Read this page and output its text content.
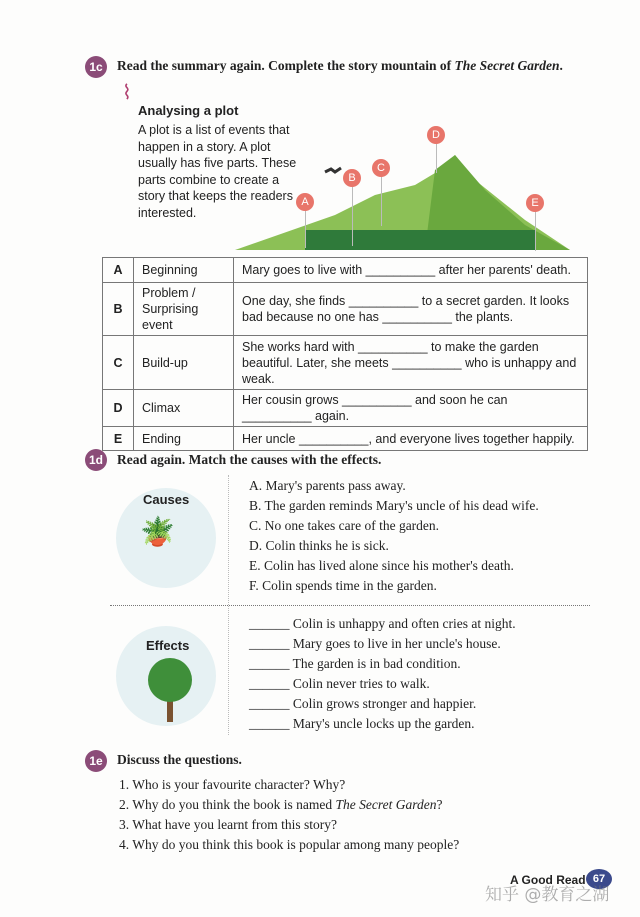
1c	Read the summary again. Complete the story mountain of The Secret Garden.
⌇
Analysing a plot
A plot is a list of events that happen in a story. A plot usually has five parts. These parts combine to create a story that keeps the readers interested.
A
B
C
D
E
A	Beginning	Mary goes to live with __________ after her parents' death.
B	Problem / Surprising event	One day, she finds __________ to a secret garden. It looks bad because no one has __________ the plants.
C	Build-up	She works hard with __________ to make the garden beautiful. Later, she meets __________ who is unhappy and weak.
D	Climax	Her cousin grows __________ and soon he can __________ again.
E	Ending	Her uncle __________, and everyone lives together happily.
1d Read again. Match the causes with the effects.
Causes
🪴
A. Mary's parents pass away.
B. The garden reminds Mary's uncle of his dead wife.
C. No one takes care of the garden.
D. Colin thinks he is sick.
E. Colin has lived alone since his mother's death.
F. Colin spends time in the garden.
Effects
______ Colin is unhappy and often cries at night.
______ Mary goes to live in her uncle's house.
______ The garden is in bad condition.
______ Colin never tries to walk.
______ Colin grows stronger and happier.
______ Mary's uncle locks up the garden.
1e	Discuss the questions.
1. Who is your favourite character? Why?
2. Why do you think the book is named The Secret Garden?
3. What have you learnt from this story?
4. Why do you think this book is popular among many people?
A Good Read 67
知乎 @教育之湖
